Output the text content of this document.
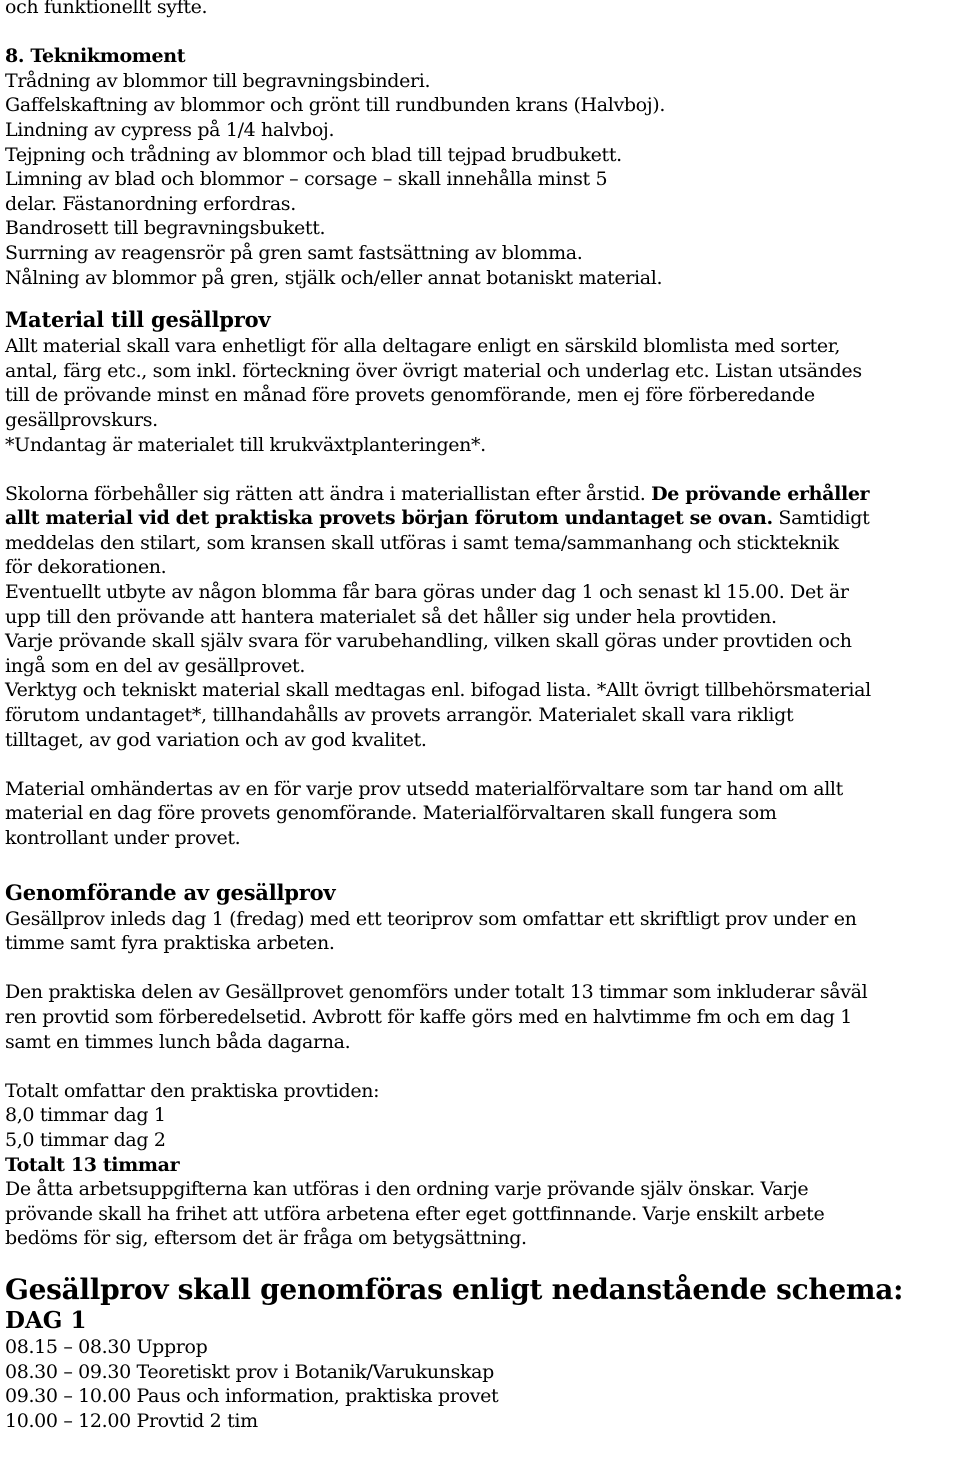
och funktionellt syfte.
8. Teknikmoment
Trådning av blommor till begravningsbinderi.
Gaffelskaftning av blommor och grönt till rundbunden krans (Halvboj).
Lindning av cypress på 1/4 halvboj.
Tejpning och trådning av blommor och blad till tejpad brudbukett.
Limning av blad och blommor – corsage – skall innehålla minst 5
delar. Fästanordning erfordras.
Bandrosett till begravningsbukett.
Surrning av reagensrör på gren samt fastsättning av blomma.
Nålning av blommor på gren, stjälk och/eller annat botaniskt material.
Material till gesällprov
Allt material skall vara enhetligt för alla deltagare enligt en särskild blomlista med sorter,
antal, färg etc., som inkl. förteckning över övrigt material och underlag etc. Listan utsändes
till de prövande minst en månad före provets genomförande, men ej före förberedande
gesällprovskurs.
*Undantag är materialet till krukväxtplanteringen*.
Skolorna förbehåller sig rätten att ändra i materiallistan efter årstid. De prövande erhåller
allt material vid det praktiska provets början förutom undantaget se ovan. Samtidigt
meddelas den stilart, som kransen skall utföras i samt tema/sammanhang och stickteknik
för dekorationen.
Eventuellt utbyte av någon blomma får bara göras under dag 1 och senast kl 15.00. Det är
upp till den prövande att hantera materialet så det håller sig under hela provtiden.
Varje prövande skall själv svara för varubehandling, vilken skall göras under provtiden och
ingå som en del av gesällprovet.
Verktyg och tekniskt material skall medtagas enl. bifogad lista. *Allt övrigt tillbehörsmaterial
förutom undantaget*, tillhandahålls av provets arrangör. Materialet skall vara rikligt
tilltaget, av god variation och av god kvalitet.
Material omhändertas av en för varje prov utsedd materialförvaltare som tar hand om allt
material en dag före provets genomförande. Materialförvaltaren skall fungera som
kontrollant under provet.
Genomförande av gesällprov
Gesällprov inleds dag 1 (fredag) med ett teoriprov som omfattar ett skriftligt prov under en
timme samt fyra praktiska arbeten.
Den praktiska delen av Gesällprovet genomförs under totalt 13 timmar som inkluderar såväl
ren provtid som förberedelsetid. Avbrott för kaffe görs med en halvtimme fm och em dag 1
samt en timmes lunch båda dagarna.
Totalt omfattar den praktiska provtiden:
8,0 timmar dag 1
5,0 timmar dag 2
Totalt 13 timmar
De åtta arbetsuppgifterna kan utföras i den ordning varje prövande själv önskar. Varje
prövande skall ha frihet att utföra arbetena efter eget gottfinnande. Varje enskilt arbete
bedöms för sig, eftersom det är fråga om betygsättning.
Gesällprov skall genomföras enligt nedanstående schema:
DAG 1
08.15 – 08.30 Upprop
08.30 – 09.30 Teoretiskt prov i Botanik/Varukunskap
09.30 – 10.00 Paus och information, praktiska provet
10.00 – 12.00 Provtid 2 tim
